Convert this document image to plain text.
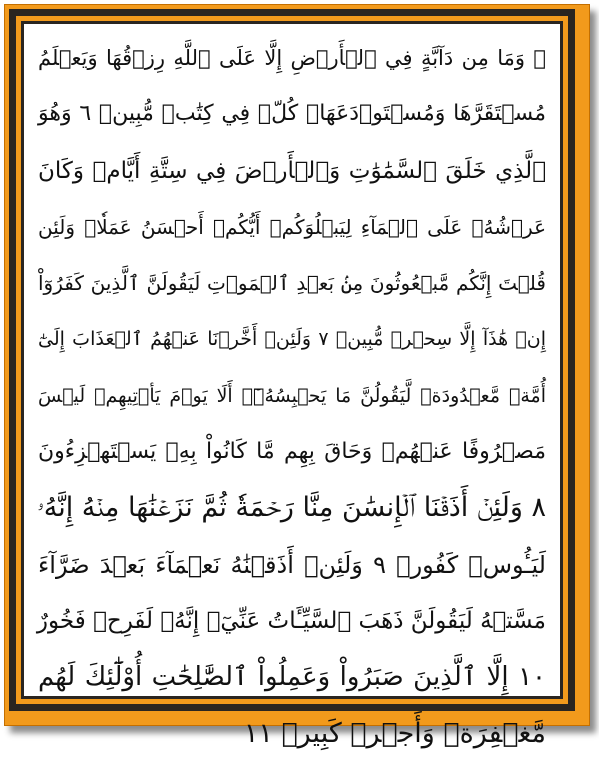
۞ وَمَا مِن دَآبَّةٍ فِي ٱلۡأَرۡضِ إِلَّا عَلَى ٱللَّهِ رِزۡقُهَا وَيَعۡلَمُ
مُسۡتَقَرَّهَا وَمُسۡتَوۡدَعَهَاۚ كُلّٞ فِي كِتَٰبٖ مُّبِينٖ ٦ وَهُوَ
ٱلَّذِي خَلَقَ ٱلسَّمَٰوَٰتِ وَٱلۡأَرۡضَ فِي سِتَّةِ أَيَّامٖ وَكَانَ
عَرۡشُهُۥ عَلَى ٱلۡمَآءِ لِيَبۡلُوَكُمۡ أَيُّكُمۡ أَحۡسَنُ عَمَلٗاۗ وَلَئِن
قُلۡتَ إِنَّكُم مَّبۡعُوثُونَ مِنۢ بَعۡدِ ٱلۡمَوۡتِ لَيَقُولَنَّ ٱلَّذِينَ كَفَرُوٓاْ
إِنۡ هَٰذَآ إِلَّا سِحۡرٞ مُّبِينٞ ٧ وَلَئِنۡ أَخَّرۡنَا عَنۡهُمُ ٱلۡعَذَابَ إِلَىٰٓ
أُمَّةٖ مَّعۡدُودَةٖ لَّيَقُولُنَّ مَا يَحۡبِسُهُۥٓۗ أَلَا يَوۡمَ يَأۡتِيهِمۡ لَيۡسَ
مَصۡرُوفًا عَنۡهُمۡ وَحَاقَ بِهِم مَّا كَانُواْ بِهِۦ يَسۡتَهۡزِءُونَ
٨ وَلَئِنۡ أَذَقۡنَا ٱلۡإِنسَٰنَ مِنَّا رَحۡمَةٗ ثُمَّ نَزَعۡنَٰهَا مِنۡهُ إِنَّهُۥ
لَيَـُٔوسٞ كَفُورٞ ٩ وَلَئِنۡ أَذَقۡنَٰهُ نَعۡمَآءَ بَعۡدَ ضَرَّآءَ
مَسَّتۡهُ لَيَقُولَنَّ ذَهَبَ ٱلسَّيِّـَٔاتُ عَنِّيٓۚ إِنَّهُۥ لَفَرِحٞ فَخُورٌ
١٠ إِلَّا ٱلَّذِينَ صَبَرُواْ وَعَمِلُواْ ٱلصَّٰلِحَٰتِ أُوْلَٰٓئِكَ لَهُم
مَّغۡفِرَةٞ وَأَجۡرٞ كَبِيرٞ ١١
